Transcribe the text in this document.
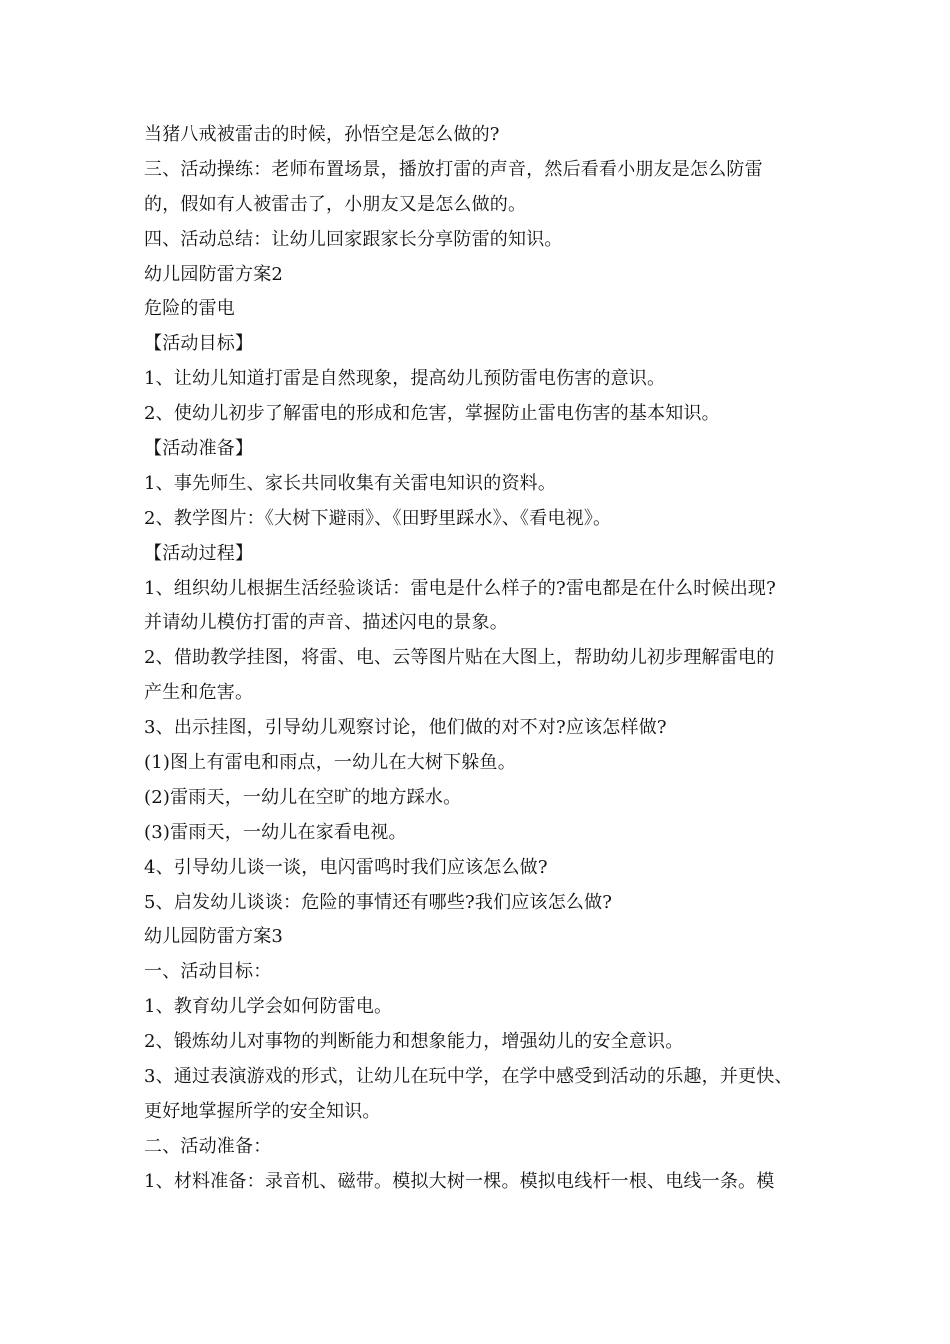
当猪八戒被雷击的时候，孙悟空是怎么做的?
三、活动操练：老师布置场景，播放打雷的声音，然后看看小朋友是怎么防雷
的，假如有人被雷击了，小朋友又是怎么做的。
四、活动总结：让幼儿回家跟家长分享防雷的知识。
幼儿园防雷方案2
危险的雷电
【活动目标】
1、让幼儿知道打雷是自然现象，提高幼儿预防雷电伤害的意识。
2、使幼儿初步了解雷电的形成和危害，掌握防止雷电伤害的基本知识。
【活动准备】
1、事先师生、家长共同收集有关雷电知识的资料。
2、教学图片：《大树下避雨》、《田野里踩水》、《看电视》。
【活动过程】
1、组织幼儿根据生活经验谈话：雷电是什么样子的?雷电都是在什么时候出现?
并请幼儿模仿打雷的声音、描述闪电的景象。
2、借助教学挂图，将雷、电、云等图片贴在大图上，帮助幼儿初步理解雷电的
产生和危害。
3、出示挂图，引导幼儿观察讨论，他们做的对不对?应该怎样做?
(1)图上有雷电和雨点，一幼儿在大树下躲鱼。
(2)雷雨天，一幼儿在空旷的地方踩水。
(3)雷雨天，一幼儿在家看电视。
4、引导幼儿谈一谈，电闪雷鸣时我们应该怎么做?
5、启发幼儿谈谈：危险的事情还有哪些?我们应该怎么做?
幼儿园防雷方案3
一、活动目标：
1、教育幼儿学会如何防雷电。
2、锻炼幼儿对事物的判断能力和想象能力，增强幼儿的安全意识。
3、通过表演游戏的形式，让幼儿在玩中学，在学中感受到活动的乐趣，并更快、
更好地掌握所学的安全知识。
二、活动准备：
1、材料准备：录音机、磁带。模拟大树一棵。模拟电线杆一根、电线一条。模
